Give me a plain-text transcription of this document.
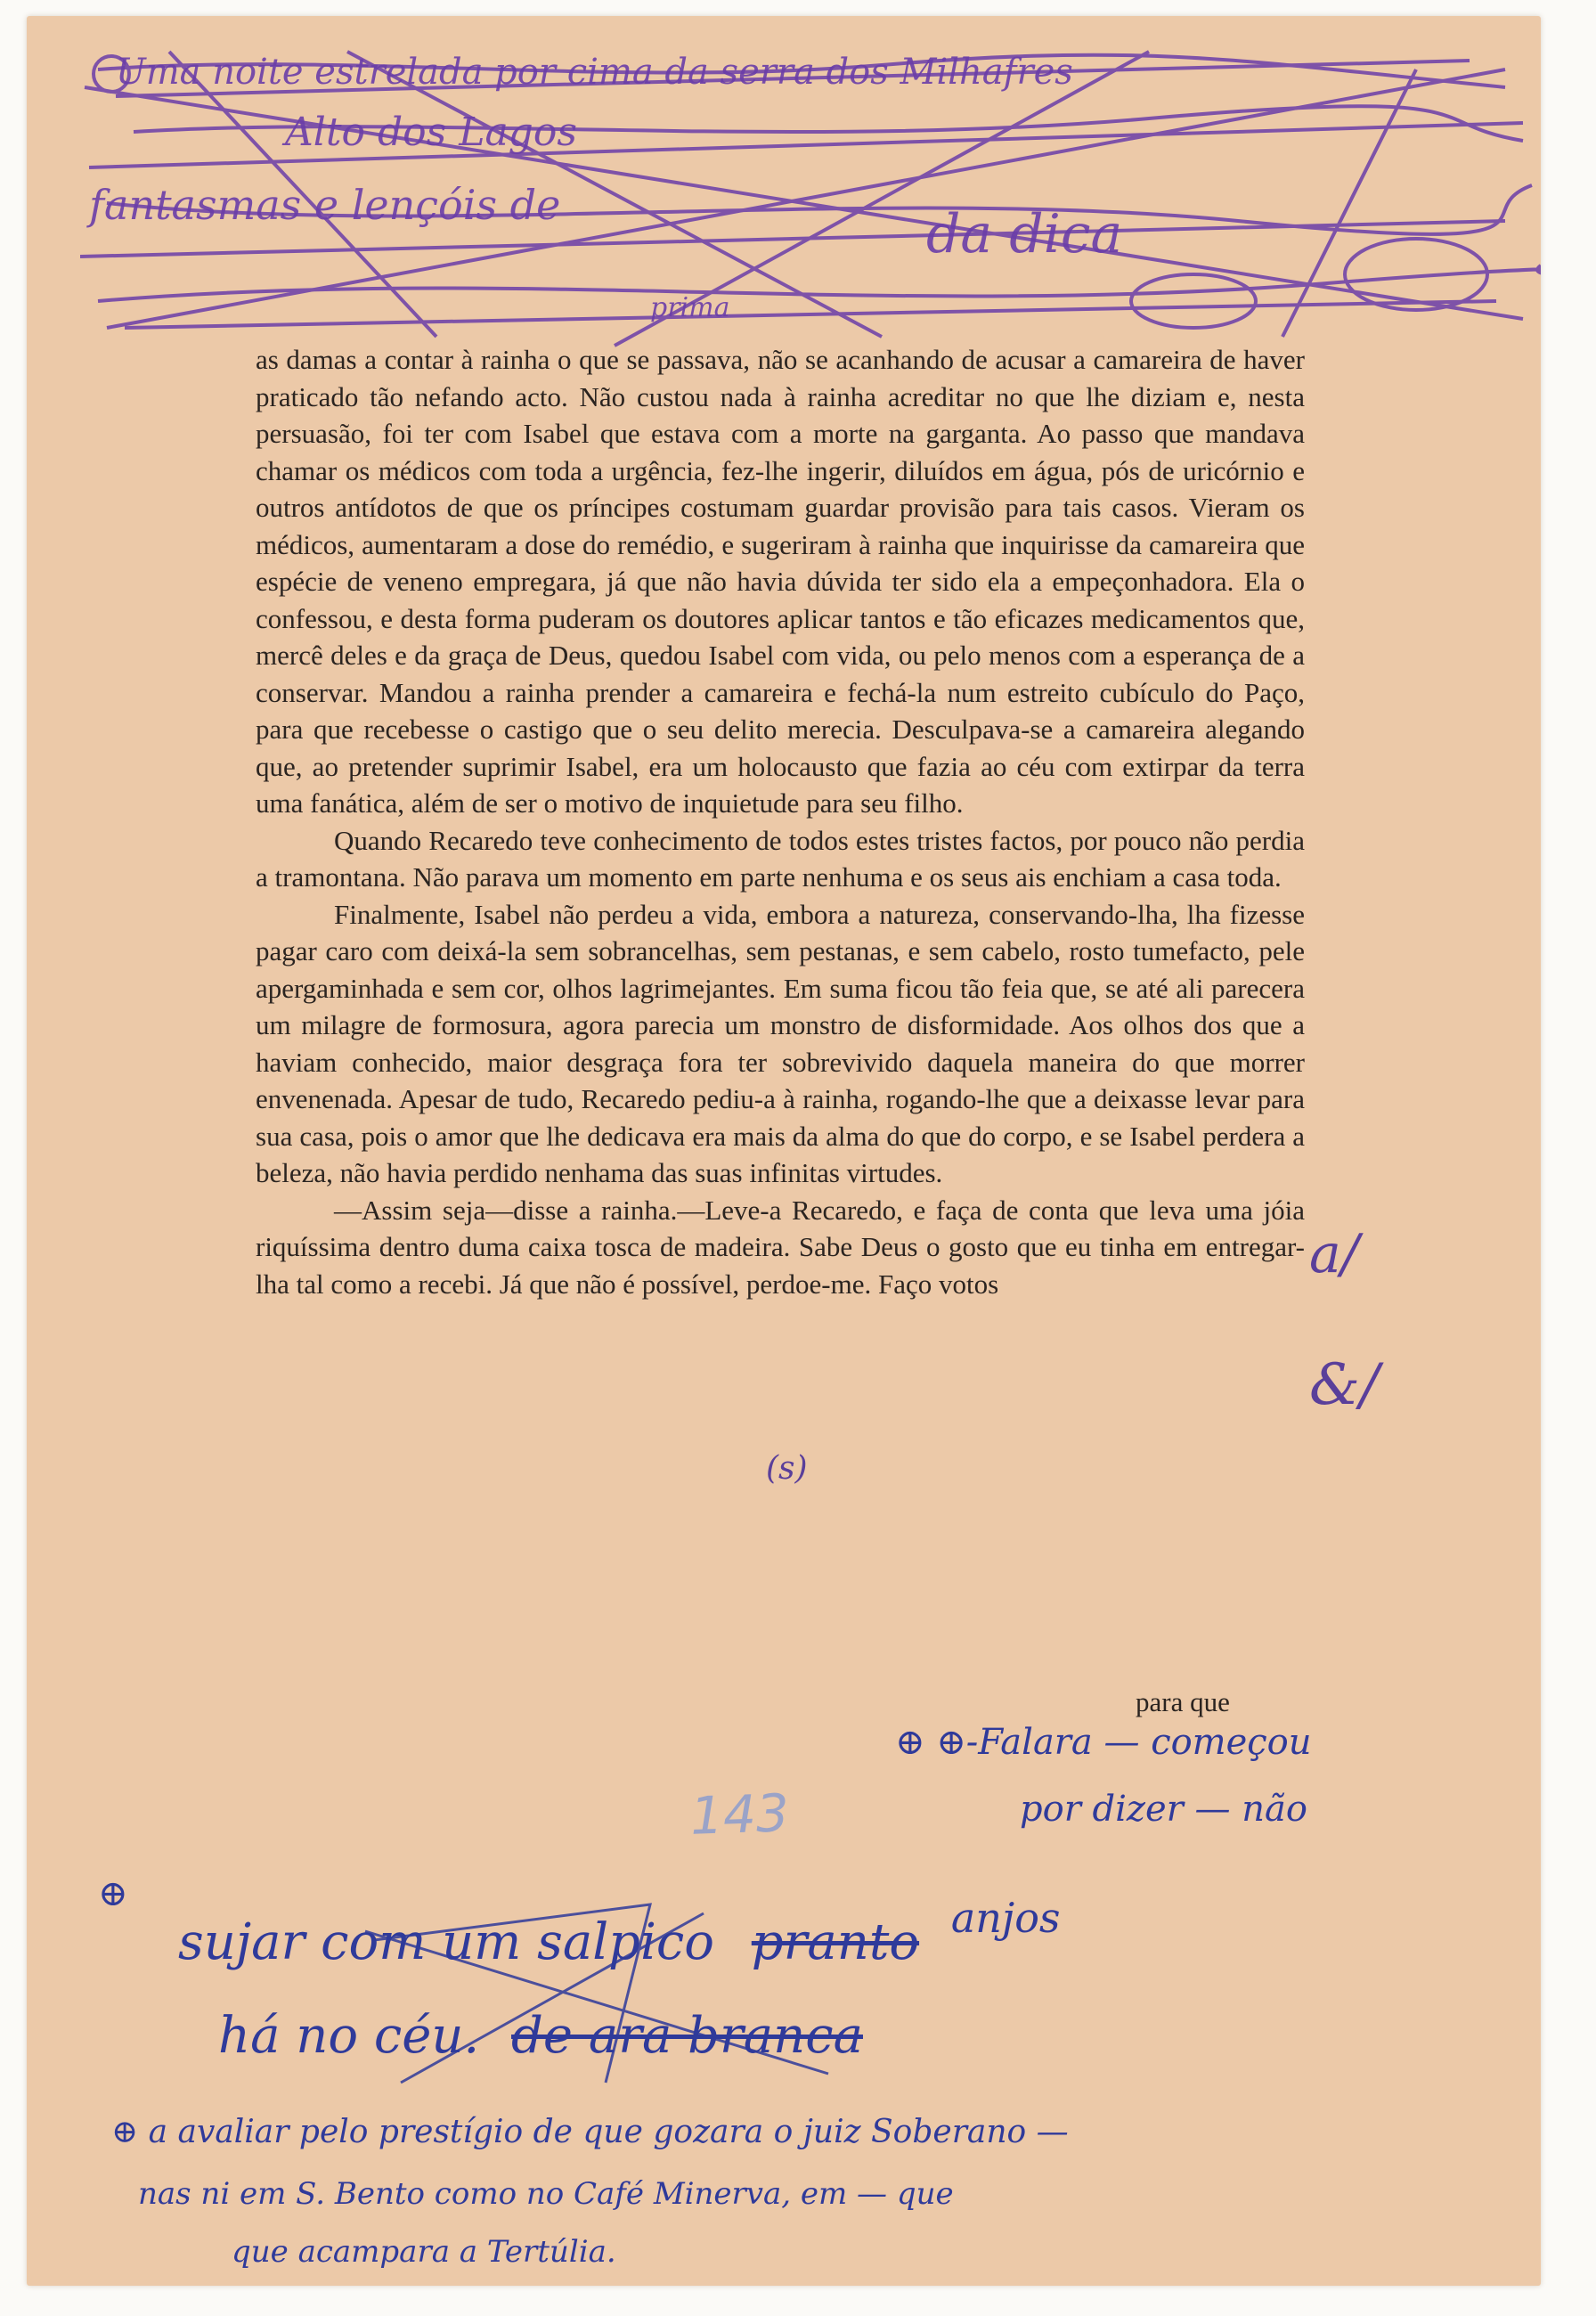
Uma noite estrelada por cima da serra dos Milhafres
Alto dos Lagos
fantasmas e lençóis de	da dica
prima

as damas a contar à rainha o que se passava, não se acanhando de acusar a camareira de haver praticado tão nefando acto. Não custou nada à rainha acreditar no que lhe diziam e, nesta persuasão, foi ter com Isabel que estava com a morte na garganta. Ao passo que mandava chamar os médicos com toda a urgência, fez-lhe ingerir, diluídos em água, pós de uricórnio e outros antídotos de que os príncipes costumam guardar provisão para tais casos. Vieram os médicos, aumentaram a dose do remédio, e sugeriram à rainha que inquirisse da camareira que espécie de veneno empregara, já que não havia dúvida ter sido ela a empeçonhadora. Ela o confessou, e desta forma puderam os doutores aplicar tantos e tão eficazes medicamentos que, mercê deles e da graça de Deus, quedou Isabel com vida, ou pelo menos com a esperança de a conservar. Mandou a rainha prender a camareira e fechá-la num estreito cubículo do Paço, para que recebesse o castigo que o seu delito merecia. Desculpava-se a camareira alegando que, ao pretender suprimir Isabel, era um holocausto que fazia ao céu com extirpar da terra uma fanática, além de ser o motivo de inquietude para seu filho.

Quando Recaredo teve conhecimento de todos estes tristes factos, por pouco não perdia a tramontana. Não parava um momento em parte nenhuma e os seus ais enchiam a casa toda.

Finalmente, Isabel não perdeu a vida, embora a natureza, conservando-lha, lha fizesse pagar caro com deixá-la sem sobrancelhas, sem pestanas, e sem cabelo, rosto tumefacto, pele apergaminhada e sem cor, olhos lagrimejantes. Em suma ficou tão feia que, se até ali parecera um milagre de formosura, agora parecia um monstro de disformidade. Aos olhos dos que a haviam conhecido, maior desgraça fora ter sobrevivido daquela maneira do que morrer envenenada. Apesar de tudo, Recaredo pediu-a à rainha, rogando-lhe que a deixasse levar para sua casa, pois o amor que lhe dedicava era mais da alma do que do corpo, e se Isabel perdera a beleza, não havia perdido nenhama das suas infinitas virtudes.

—Assim seja—disse a rainha.—Leve-a Recaredo, e faça de conta que leva uma jóia riquíssima dentro duma caixa tosca de madeira. Sabe Deus o gosto que eu tinha em entregar-lha tal como a recebi. Já que não é possível, perdoe-me. Faço votos

para que
a/
&/
(s)
143
⊕ ⊕-Falara — começou
por dizer — não
⊕
sujar com um salpico pranto $^{anjos}$
há no céu. de ara branca
⊕ a avaliar pelo prestígio de que gozara o juiz Soberano —
nas ni em S. Bento como no Café Minerva, em — que
que acampara a Tertúlia.
